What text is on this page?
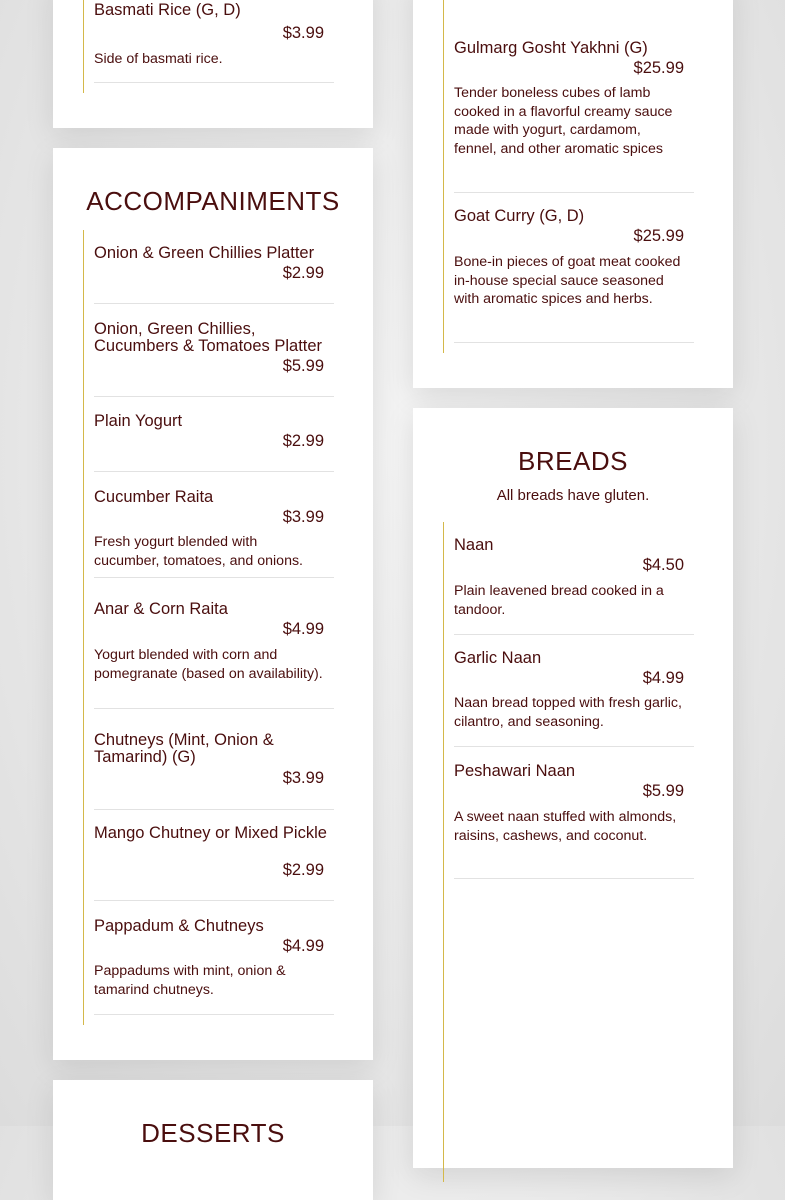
Basmati Rice (G, D)
$3.99
Side of basmati rice.
ACCOMPANIMENTS
Onion & Green Chillies Platter
$2.99
Onion, Green Chillies, Cucumbers & Tomatoes Platter
$5.99
Plain Yogurt
$2.99
Cucumber Raita
$3.99
Fresh yogurt blended with cucumber, tomatoes, and onions.
Anar & Corn Raita
$4.99
Yogurt blended with corn and pomegranate (based on availability).
Chutneys (Mint, Onion & Tamarind) (G)
$3.99
Mango Chutney or Mixed Pickle
$2.99
Pappadum & Chutneys
$4.99
Pappadums with mint, onion & tamarind chutneys.
DESSERTS
Gulmarg Gosht Yakhni (G)
$25.99
Tender boneless cubes of lamb cooked in a flavorful creamy sauce made with yogurt, cardamom, fennel, and other aromatic spices
Goat Curry (G, D)
$25.99
Bone-in pieces of goat meat cooked in-house special sauce seasoned with aromatic spices and herbs.
BREADS
All breads have gluten.
Naan
$4.50
Plain leavened bread cooked in a tandoor.
Garlic Naan
$4.99
Naan bread topped with fresh garlic, cilantro, and seasoning.
Peshawari Naan
$5.99
A sweet naan stuffed with almonds, raisins, cashews, and coconut.
